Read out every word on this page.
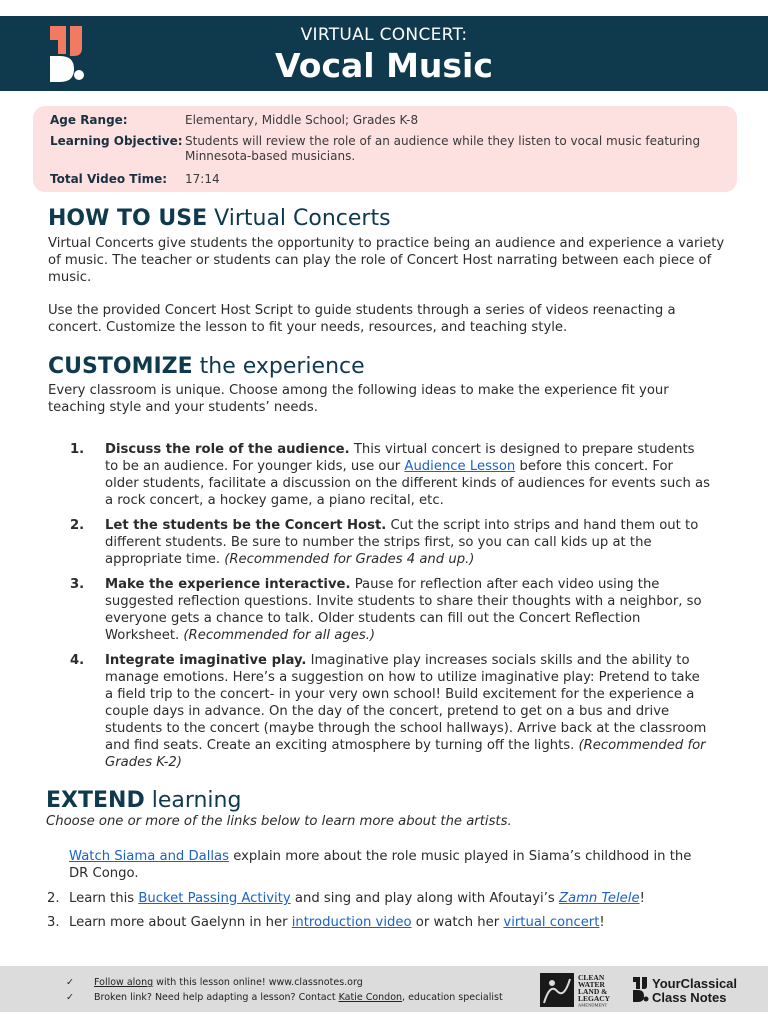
VIRTUAL CONCERT:
Vocal Music
Age Range:	Elementary, Middle School; Grades K-8
Learning Objective: Students will review the role of an audience while they listen to vocal music featuring Minnesota-based musicians.
Total Video Time: 17:14
HOW TO USE Virtual Concerts

Virtual Concerts give students the opportunity to practice being an audience and experience a variety of music. The teacher or students can play the role of Concert Host narrating between each piece of music.

Use the provided Concert Host Script to guide students through a series of videos reenacting a concert. Customize the lesson to fit your needs, resources, and teaching style.

CUSTOMIZE the experience

Every classroom is unique. Choose among the following ideas to make the experience fit your teaching style and your students’ needs.

1. Discuss the role of the audience. This virtual concert is designed to prepare students to be an audience. For younger kids, use our Audience Lesson before this concert. For older students, facilitate a discussion on the different kinds of audiences for events such as a rock concert, a hockey game, a piano recital, etc.
2. Let the students be the Concert Host. Cut the script into strips and hand them out to different students. Be sure to number the strips first, so you can call kids up at the appropriate time. (Recommended for Grades 4 and up.)
3. Make the experience interactive. Pause for reflection after each video using the suggested reflection questions. Invite students to share their thoughts with a neighbor, so everyone gets a chance to talk. Older students can fill out the Concert Reflection Worksheet. (Recommended for all ages.)
4. Integrate imaginative play. Imaginative play increases socials skills and the ability to manage emotions. Here’s a suggestion on how to utilize imaginative play: Pretend to take a field trip to the concert- in your very own school! Build excitement for the experience a couple days in advance. On the day of the concert, pretend to get on a bus and drive students to the concert (maybe through the school hallways). Arrive back at the classroom and find seats. Create an exciting atmosphere by turning off the lights. (Recommended for Grades K-2)
EXTEND learning

Choose one or more of the links below to learn more about the artists.

Watch Siama and Dallas explain more about the role music played in Siama’s childhood in the DR Congo.
2. Learn this Bucket Passing Activity and sing and play along with Afoutayi’s Zamn Telele!
3. Learn more about Gaelynn in her introduction video or watch her virtual concert!
✓ Follow along with this lesson online! www.classnotes.org
✓ Broken link? Need help adapting a lesson? Contact Katie Condon, education specialist
CLEAN
WATER
LAND &
LEGACY
AMENDMENT
YourClassical
Class Notes
